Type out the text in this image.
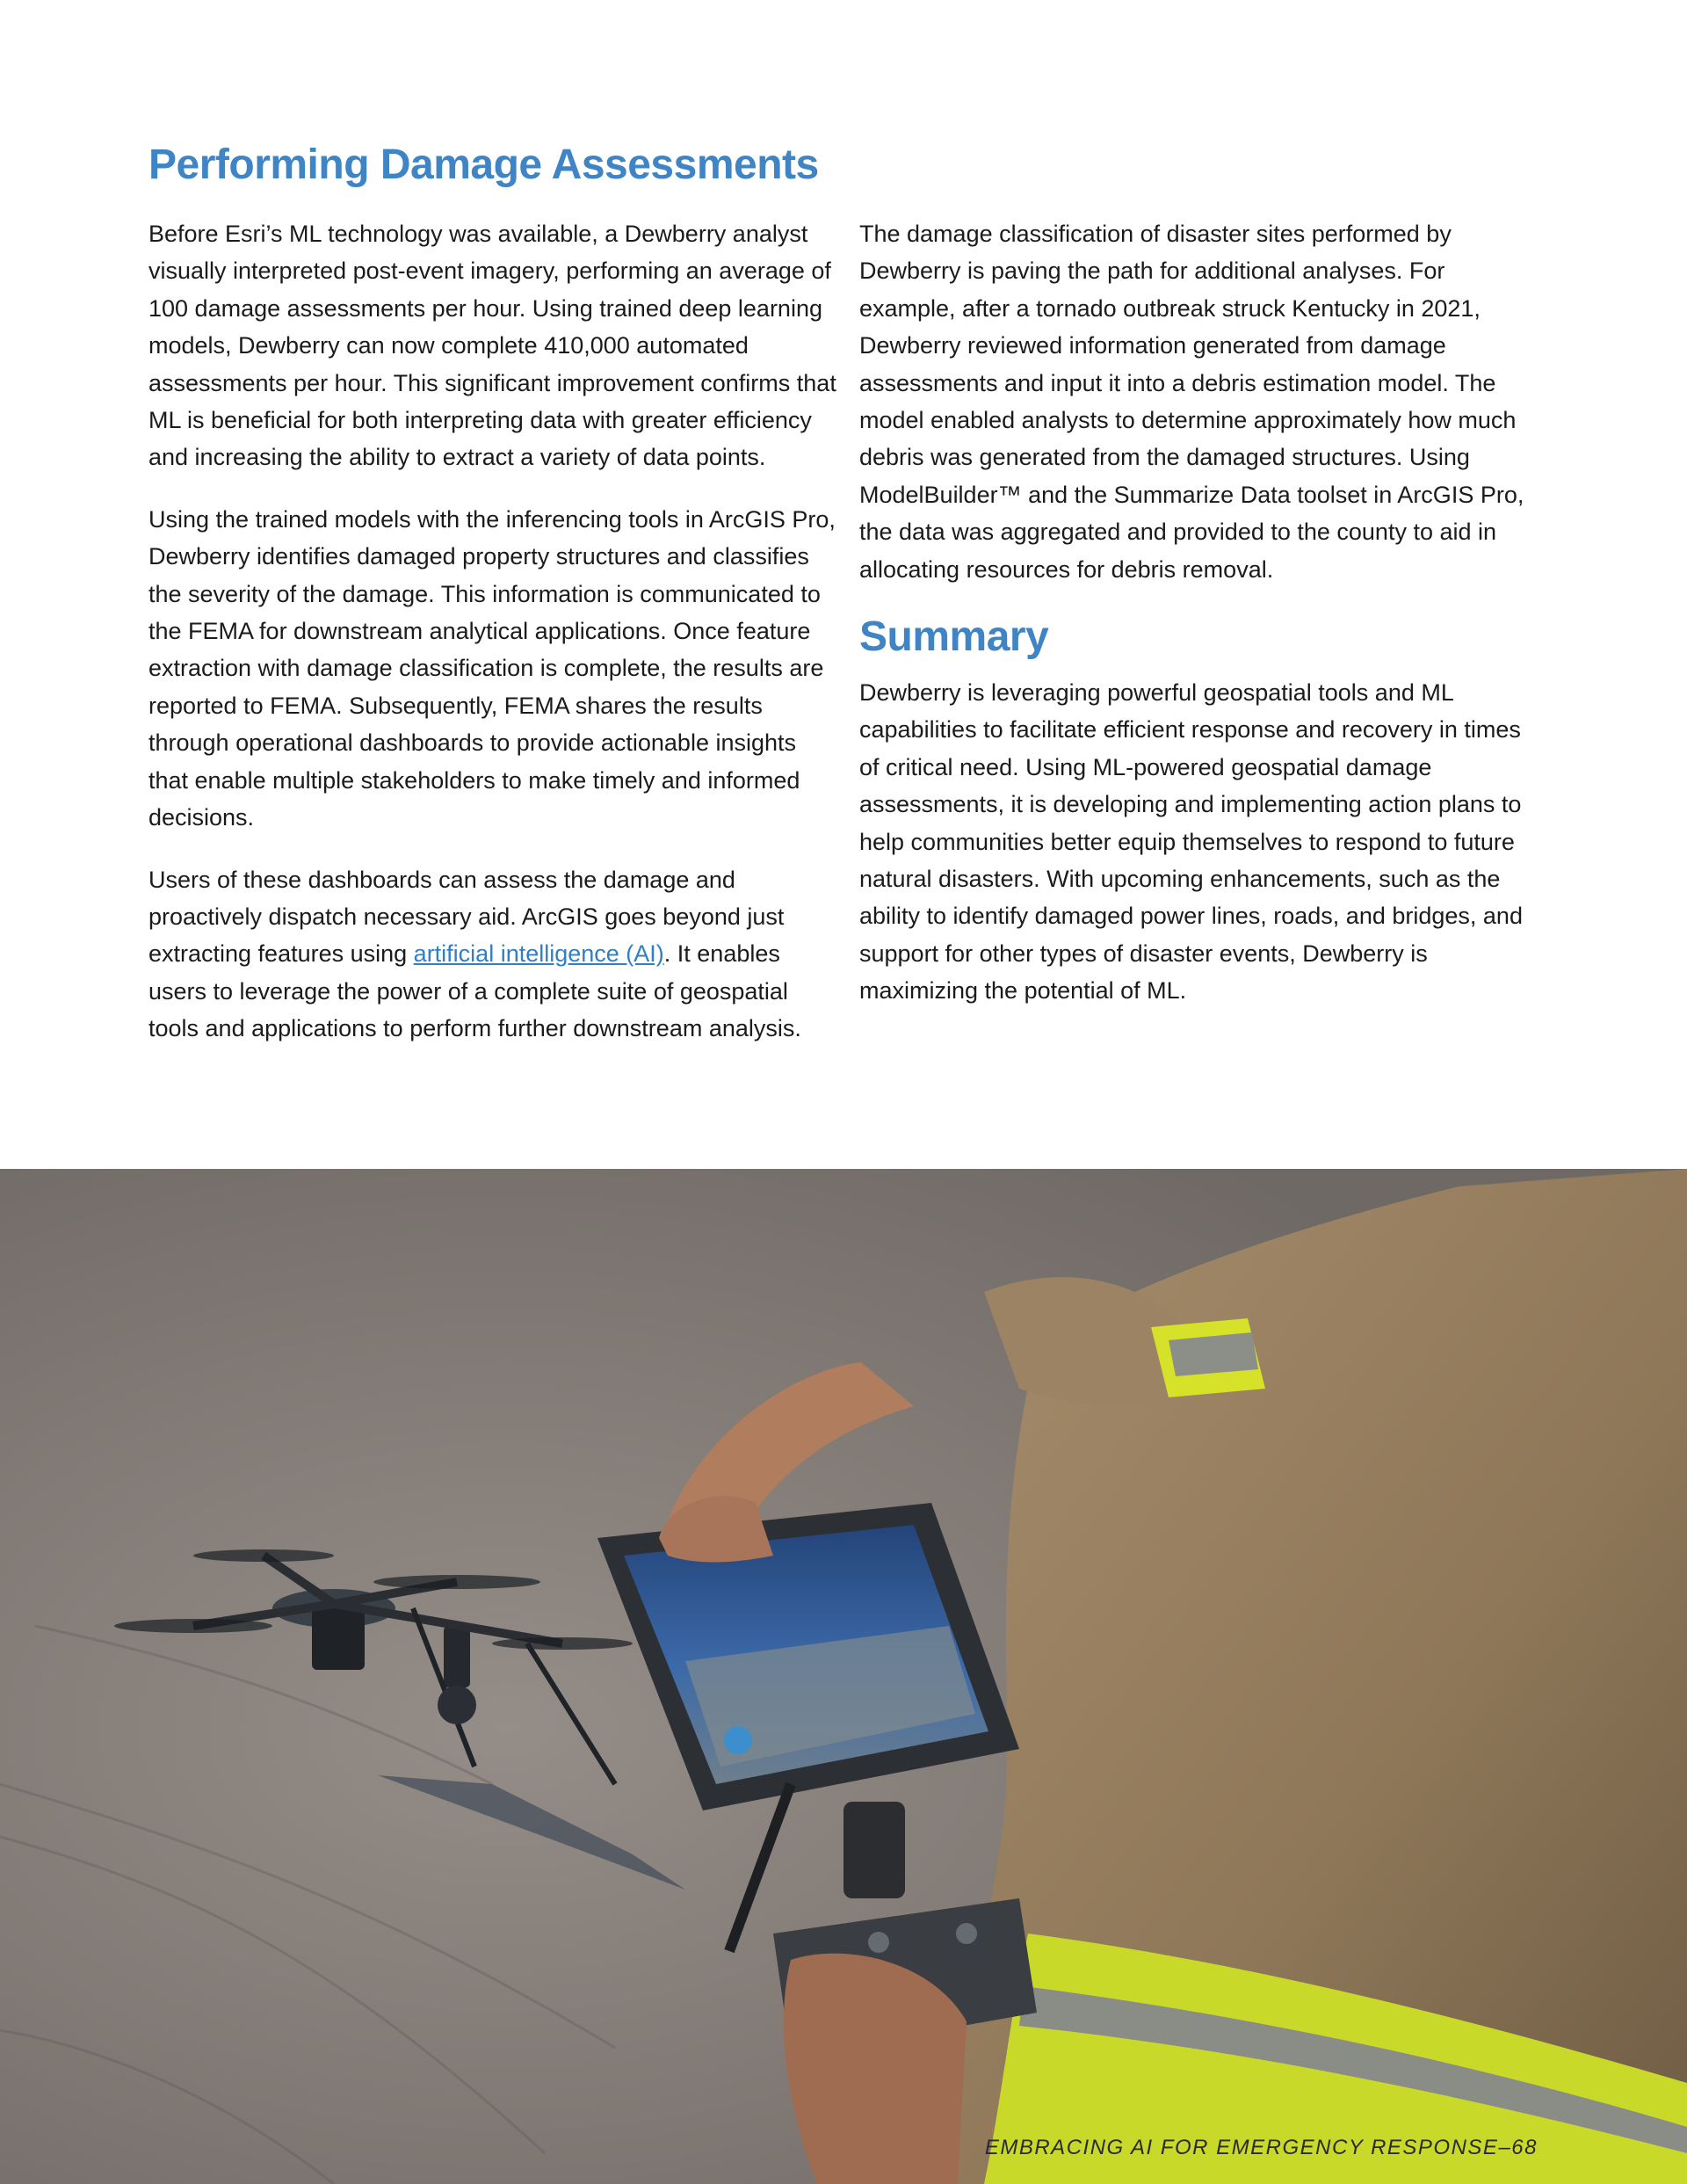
Performing Damage Assessments

Before Esri’s ML technology was available, a Dewberry analyst visually interpreted post-event imagery, performing an average of 100 damage assessments per hour. Using trained deep learning models, Dewberry can now complete 410,000 automated assessments per hour. This significant improvement confirms that ML is beneficial for both interpreting data with greater efficiency and increasing the ability to extract a variety of data points.

Using the trained models with the inferencing tools in ArcGIS Pro, Dewberry identifies damaged property structures and classifies the severity of the damage. This information is communicated to the FEMA for downstream analytical applications. Once feature extraction with damage classification is complete, the results are reported to FEMA. Subsequently, FEMA shares the results through operational dashboards to provide actionable insights that enable multiple stakeholders to make timely and informed decisions.

Users of these dashboards can assess the damage and proactively dispatch necessary aid. ArcGIS goes beyond just extracting features using artificial intelligence (AI). It enables users to leverage the power of a complete suite of geospatial tools and applications to perform further downstream analysis.

The damage classification of disaster sites performed by Dewberry is paving the path for additional analyses. For example, after a tornado outbreak struck Kentucky in 2021, Dewberry reviewed information generated from damage assessments and input it into a debris estimation model. The model enabled analysts to determine approximately how much debris was generated from the damaged structures. Using ModelBuilder™ and the Summarize Data toolset in ArcGIS Pro, the data was aggregated and provided to the county to aid in allocating resources for debris removal.

Summary

Dewberry is leveraging powerful geospatial tools and ML capabilities to facilitate efficient response and recovery in times of critical need. Using ML-powered geospatial damage assessments, it is developing and implementing action plans to help communities better equip themselves to respond to future natural disasters. With upcoming enhancements, such as the ability to identify damaged power lines, roads, and bridges, and support for other types of disaster events, Dewberry is maximizing the potential of ML.

EMBRACING AI FOR EMERGENCY RESPONSE–68
